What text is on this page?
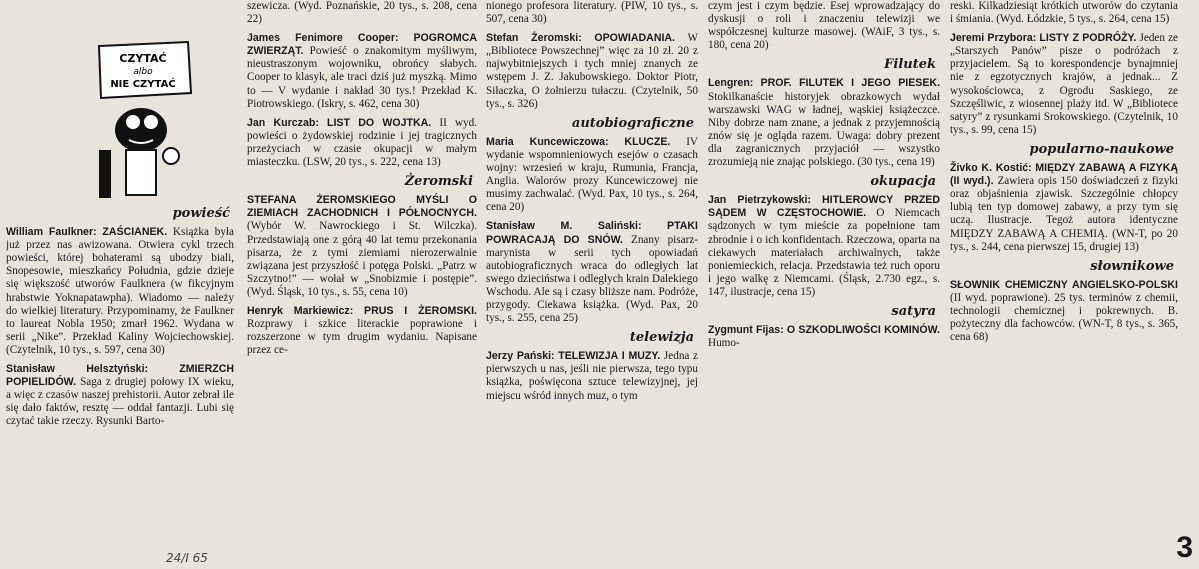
CZYTAĆ
albo
NIE CZYTAĆ
powieść

William Faulkner: ZAŚCIANEK. Książka była już przez nas awizowana. Otwiera cykl trzech powieści, której bohaterami są ubodzy biali, Snopesowie, mieszkańcy Południa, gdzie dzieje się większość utworów Faulknera (w fikcyjnym hrabstwie Yoknapatawpha). Wiadomo — należy do wielkiej literatury. Przypominamy, że Faulkner to laureat Nobla 1950; zmarł 1962. Wydana w serii „Nike”. Przekład Kaliny Wojciechowskiej. (Czytelnik, 10 tys., s. 597, cena 30)

Stanisław Helsztyński:	ZMIERZCH POPIELIDÓW. Saga z drugiej połowy IX wieku, a więc z czasów naszej prehistorii. Autor zebrał ile się dało faktów, resztę — oddał fantazji. Lubi się czytać takie rzeczy. Rysunki Barto-

szewicza. (Wyd. Poznańskie, 20 tys., s. 208, cena 22)

James Fenimore Cooper: POGROMCA ZWIERZĄT. Powieść o znakomitym myśliwym, nieustraszonym wojowniku, obrońcy słabych. Cooper to klasyk, ale traci dziś już myszką. Mimo to — V wydanie i nakład 30 tys.! Przekład K. Piotrowskiego. (Iskry, s. 462, cena 30)

Jan Kurczab: LIST DO WOJTKA. II wyd. powieści o żydowskiej rodzinie i jej tragicznych przeżyciach w czasie okupacji w małym miasteczku. (LSW, 20 tys., s. 222, cena 13)

Żeromski

STEFANA ŻEROMSKIEGO MYŚLI O ZIEMIACH ZACHODNICH I PÓŁNOCNYCH. (Wybór W. Nawrockiego i St. Wilczka). Przedstawiają one z górą 40 lat temu przekonania pisarza, że z tymi ziemiami nierozerwalnie związana jest przyszłość i potęga Polski. „Patrz w Szczytno!” — wołał w „Snobizmie i postępie”. (Wyd. Śląsk, 10 tys., s. 55, cena 10)

Henryk Markiewicz: PRUS I ŻEROMSKI. Rozprawy i szkice literackie poprawione i rozszerzone w tym drugim wydaniu. Napisane przez ce-

nionego profesora literatury. (PIW, 10 tys., s. 507, cena 30)

Stefan Żeromski: OPOWIADANIA. W „Bibliotece Powszechnej” więc za 10 zł. 20 z najwybitniejszych i tych mniej znanych ze wstępem J. Z. Jakubowskiego. Doktor Piotr, Siłaczka, O żołnierzu tułaczu. (Czytelnik, 50 tys., s. 326)

autobiograficzne

Maria Kuncewiczowa: KLUCZE. IV wydanie wspomnieniowych esejów o czasach wojny: wrzesień w kraju, Rumunia, Francja, Anglia. Walorów prozy Kuncewiczowej nie musimy zachwalać. (Wyd. Pax, 10 tys., s. 264, cena 20)

Stanisław M. Saliński: PTAKI POWRACAJĄ DO SNÓW. Znany pisarz-marynista w serii tych opowiadań autobiograficznych wraca do odległych lat swego dzieciństwa i odległych krain Dalekiego Wschodu. Ale są i czasy bliższe nam. Podróże, przygody. Ciekawa książka. (Wyd. Pax, 20 tys., s. 255, cena 25)

telewizja

Jerzy Pański: TELEWIZJA I MUZY. Jedna z pierwszych u nas, jeśli nie pierwsza, tego typu książka, poświęcona sztuce telewizyjnej, jej miejscu wśród innych muz, o tym

czym jest i czym będzie. Esej wprowadzający do dyskusji o roli i znaczeniu telewizji we współczesnej kulturze masowej. (WAiF, 3 tys., s. 180, cena 20)

Filutek

Lengren: PROF. FILUTEK I JEGO PIESEK. Stokilkanaście historyjek obrazkowych wydał warszawski WAG w ładnej, wąskiej książeczce. Niby dobrze nam znane, a jednak z przyjemnością znów się je ogląda razem. Uwaga: dobry prezent dla zagranicznych przyjaciół — wszystko zrozumieją nie znając polskiego. (30 tys., cena 19)

okupacja

Jan Pietrzykowski: HITLEROWCY PRZED SĄDEM W CZĘSTOCHOWIE. O Niemcach sądzonych w tym mieście za popełnione tam zbrodnie i o ich konfidentach. Rzeczowa, oparta na ciekawych materiałach archiwalnych, także poniemieckich, relacja. Przedstawia też ruch oporu i jego walkę z Niemcami. (Śląsk, 2.730 egz., s. 147, ilustracje, cena 15)

satyra

Zygmunt Fijas: O SZKODLIWOŚCI KOMINÓW. Humo-

reski. Kilkadziesiąt krótkich utworów do czytania i śmiania. (Wyd. Łódzkie, 5 tys., s. 264, cena 15)

Jeremi Przybora: LISTY Z PODRÓŻY. Jeden ze „Starszych Panów” pisze o podróżach z przyjacielem. Są to korespondencje bynajmniej nie z egzotycznych krajów, a jednak... Z wysokościowca, z Ogrodu Saskiego, ze Szczęśliwic, z wiosennej plaży itd. W „Bibliotece satyry” z rysunkami Srokowskiego. (Czytelnik, 10 tys., s. 99, cena 15)

popularno-naukowe

Živko K. Kostić: MIĘDZY ZABAWĄ A FIZYKĄ (II wyd.). Zawiera opis 150 doświadczeń z fizyki oraz objaśnienia zjawisk. Szczególnie chłopcy lubią ten typ domowej zabawy, a przy tym się uczą. Ilustracje. Tegoż autora identyczne MIĘDZY ZABAWĄ A CHEMIĄ. (WN-T, po 20 tys., s. 244, cena pierwszej 15, drugiej 13)

słownikowe

SŁOWNIK CHEMICZNY ANGIELSKO-POLSKI (II wyd. poprawione). 25 tys. terminów z chemii, technologii chemicznej i pokrewnych. B. pożyteczny dla fachowców. (WN-T, 8 tys., s. 365, cena 68)

24/I 65	3
